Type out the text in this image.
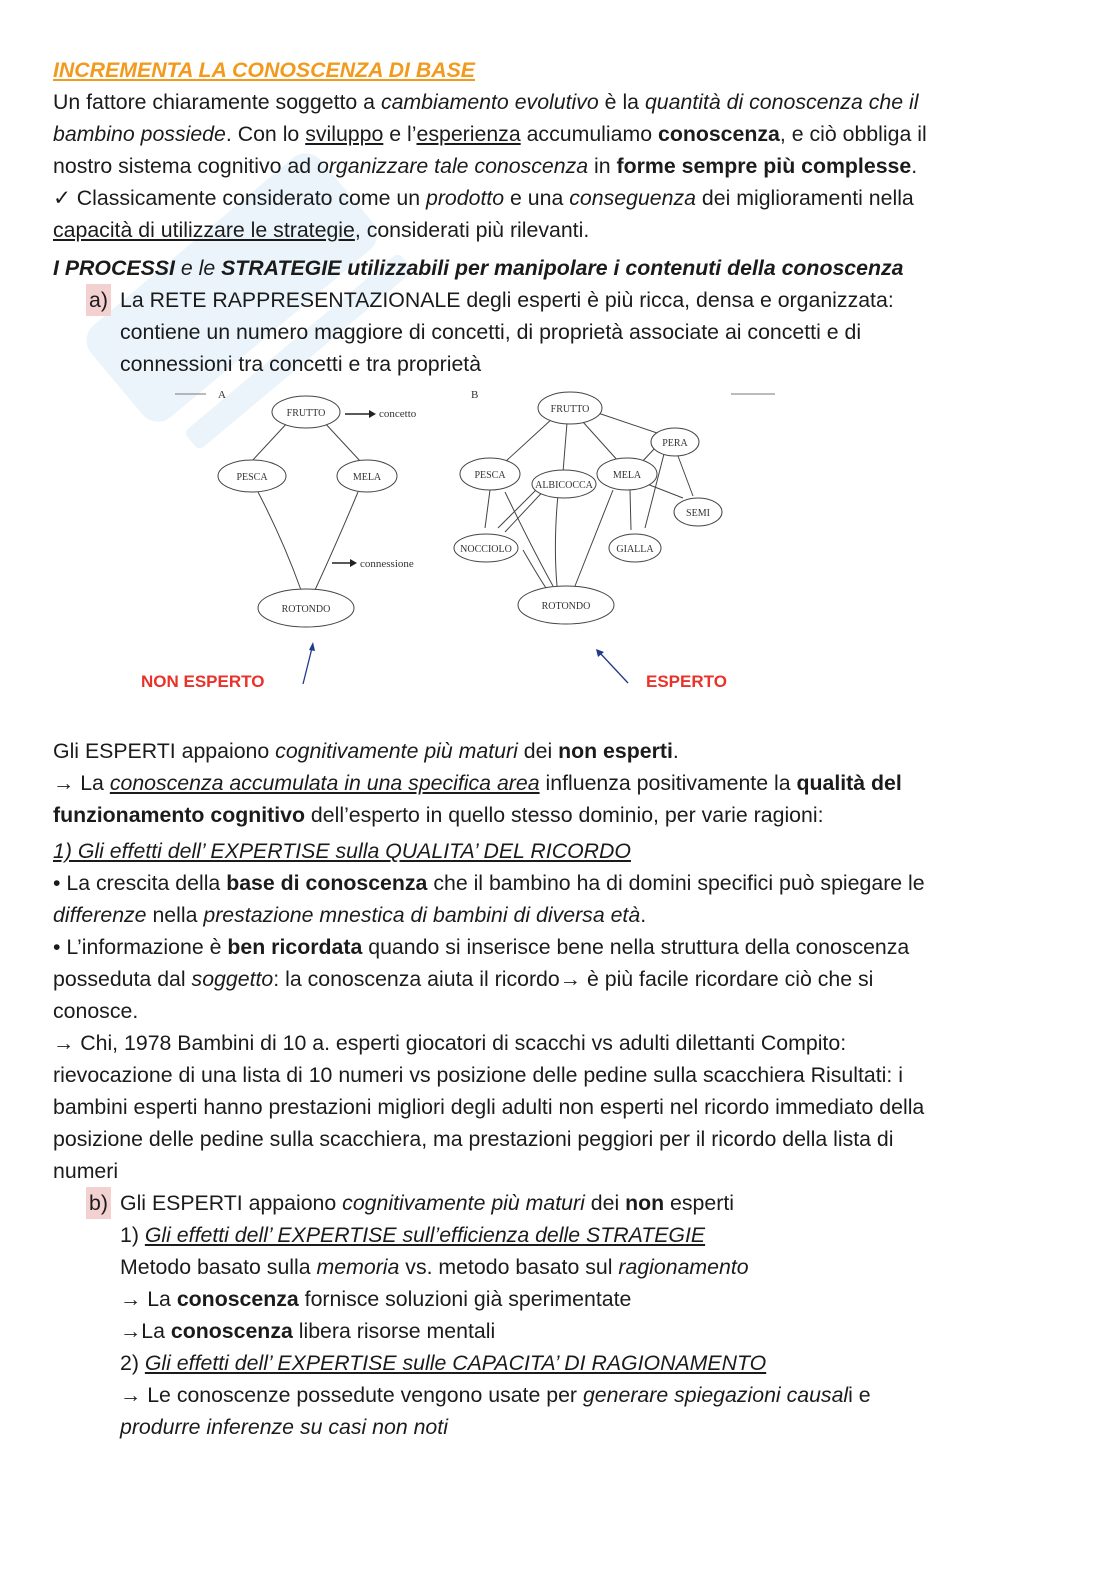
INCREMENTA LA CONOSCENZA DI BASE
Un fattore chiaramente soggetto a cambiamento evolutivo è la quantità di conoscenza che il
bambino possiede. Con lo sviluppo e l’esperienza accumuliamo conoscenza, e ciò obbliga il
nostro sistema cognitivo ad organizzare tale conoscenza in forme sempre più complesse.
✓ Classicamente considerato come un prodotto e una conseguenza dei miglioramenti nella
capacità di utilizzare le strategie, considerati più rilevanti.
I PROCESSI e le STRATEGIE utilizzabili per manipolare i contenuti della conoscenza
a) La RETE RAPPRESENTAZIONALE degli esperti è più ricca, densa e organizzata:
contiene un numero maggiore di concetti, di proprietà associate ai concetti e di
connessioni tra concetti e tra proprietà
A
FRUTTO
PESCA	MELA
ROTONDO
concetto
connessione
B
FRUTTO
PERA
PESCA
ALBICOCCA
MELA
SEMI
NOCCIOLO	GIALLA
ROTONDO
NON ESPERTO	ESPERTO
Gli ESPERTI appaiono cognitivamente più maturi dei non esperti.
→ La conoscenza accumulata in una specifica area influenza positivamente la qualità del
funzionamento cognitivo dell’esperto in quello stesso dominio, per varie ragioni:
1) Gli effetti dell’ EXPERTISE sulla QUALITA’ DEL RICORDO
• La crescita della base di conoscenza che il bambino ha di domini specifici può spiegare le
differenze nella prestazione mnestica di bambini di diversa età.
• L’informazione è ben ricordata quando si inserisce bene nella struttura della conoscenza
posseduta dal soggetto: la conoscenza aiuta il ricordo→ è più facile ricordare ciò che si
conosce.
→ Chi, 1978 Bambini di 10 a. esperti giocatori di scacchi vs adulti dilettanti Compito:
rievocazione di una lista di 10 numeri vs posizione delle pedine sulla scacchiera Risultati: i
bambini esperti hanno prestazioni migliori degli adulti non esperti nel ricordo immediato della
posizione delle pedine sulla scacchiera, ma prestazioni peggiori per il ricordo della lista di
numeri
b) Gli ESPERTI appaiono cognitivamente più maturi dei non esperti
1) Gli effetti dell’ EXPERTISE sull’efficienza delle STRATEGIE
Metodo basato sulla memoria vs. metodo basato sul ragionamento
→ La conoscenza fornisce soluzioni già sperimentate
→La conoscenza libera risorse mentali
2) Gli effetti dell’ EXPERTISE sulle CAPACITA’ DI RAGIONAMENTO
→ Le conoscenze possedute vengono usate per generare spiegazioni causali e
produrre inferenze su casi non noti
